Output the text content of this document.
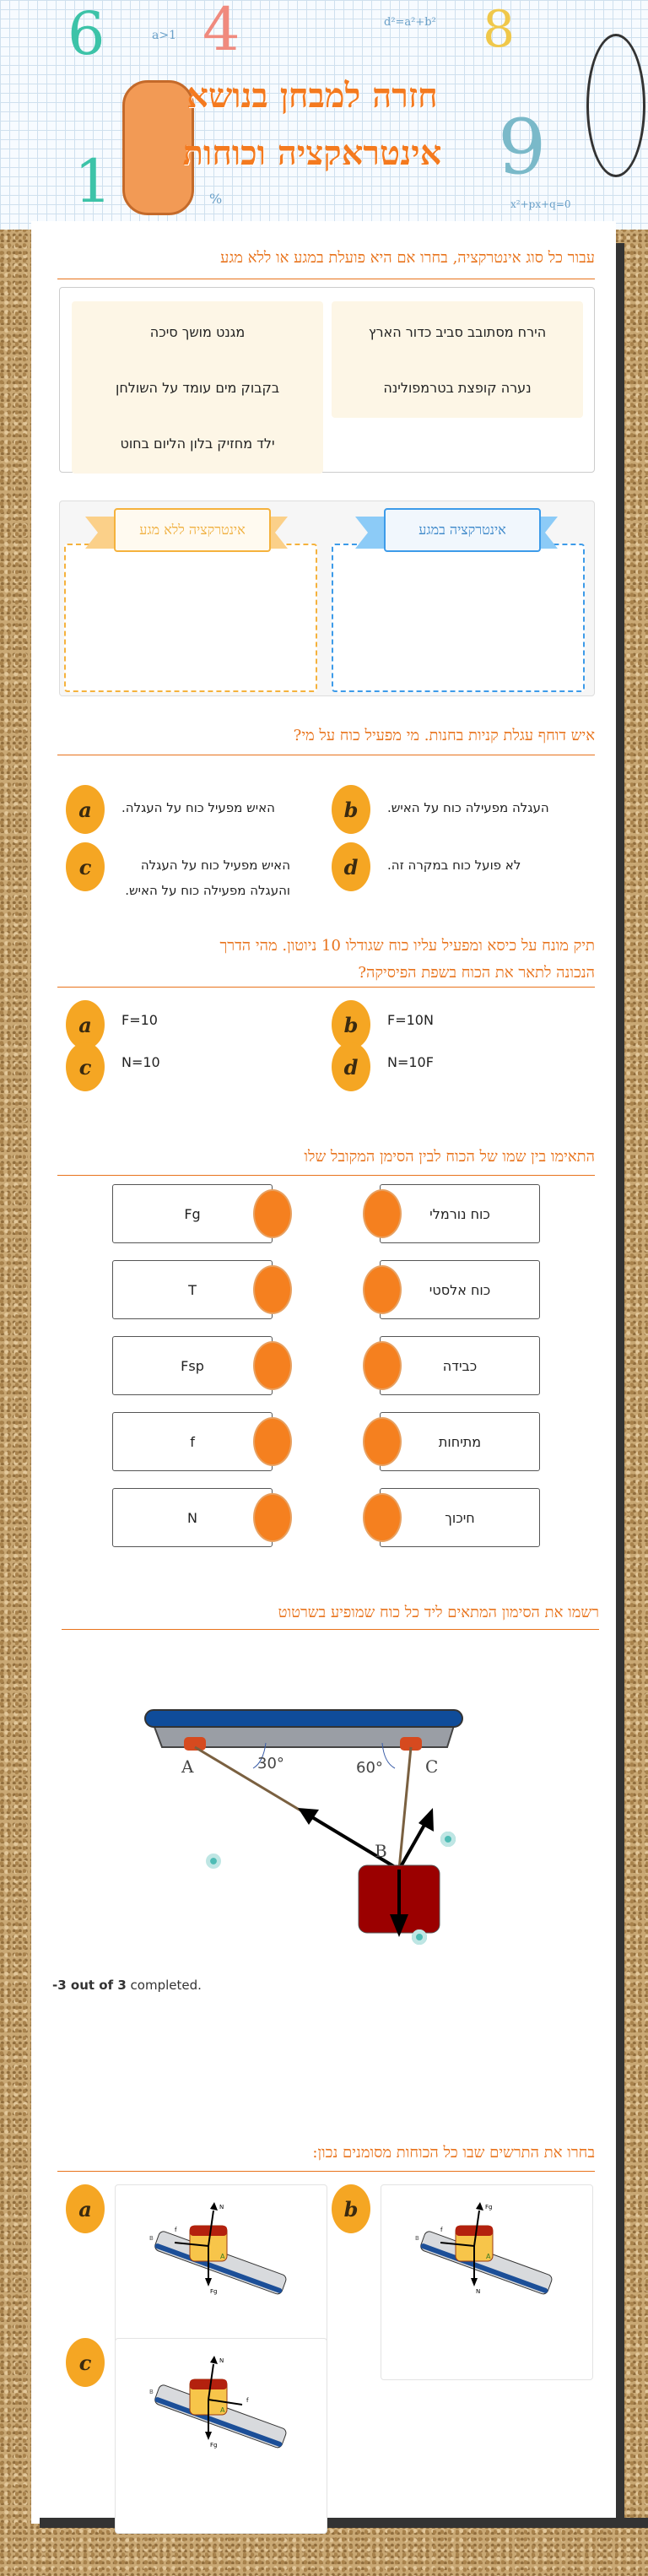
6 4	8
9
1
a>1
d²=a²+b²
%	x²+px+q=0
חזרה למבחן בנושא
אינטראקציה וכוחות
עבור כל סוג אינטרקציה, בחרו אם היא פועלת במגע או ללא מגע
הירח מסתובב סביב כדור הארץ
מגנט מושך סיכה
נערה קופצת בטרמפולינה
בקבוק מים עומד על השולחן
ילד מחזיק בלון הליום בחוט
אינטרקציה ללא מגע	אינטרקציה במגע
איש דוחף עגלת קניות בחנות. מי מפעיל כוח על מי?
a	האיש מפעיל כוח על העגלה.	b	העגלה מפעילה כוח על האיש.
c	האיש מפעיל כוח על העגלה והעגלה מפעילה כוח על האיש.
d	לא פועל כוח במקרה זה.
תיק מונח על כיסא ומפעיל עליו כוח שגודלו 10 ניוטון. מהי הדרך
הנכונה לתאר את הכוח בשפת הפיסיקה?
a	F=10	b	F=10N
c	N=10	d	N=10F
התאימו בין שמו של הכוח לבין הסימן המקובל שלו
Fg	כוח נורמלי
T	כוח אלסטי
Fsp	כבידה
f	מתיחות
N	חיכוך
רשמו את הסימון המתאים ליד כל כוח שמופיע בשרטוט
A	30°	60°	C
B
-3 out of 3 completed.
בחרו את התרשים שבו כל הכוחות מסומנים נכון:
a
B
A
N
Fg
f
b
B
A
Fg
N
f
c
B
A
N
Fg
f
